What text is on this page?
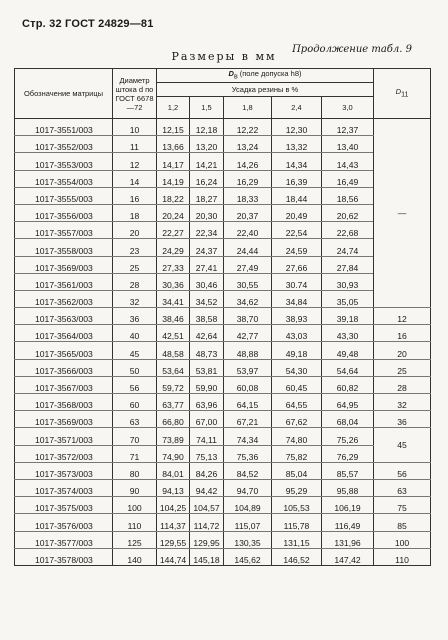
Стр. 32 ГОСТ 24829—81
Размеры в мм
Продолжение табл. 9
Обозначение матрицы	Диаметр штока d по ГОСТ 6678—72	Dв (поле допуска h8)					D11
		Усадка резины в %					
		1,2	1,5	1,8	2,4	3,0	
1017-3551/003	10	12,15	12,18	12,22	12,30	12,37	—
1017-3552/003	11	13,66	13,20	13,24	13,32	13,40	
1017-3553/003	12	14,17	14,21	14,26	14,34	14,43	
1017-3554/003	14	14,19	16,24	16,29	16,39	16,49	
1017-3555/003	16	18,22	18,27	18,33	18,44	18,56	
1017-3556/003	18	20,24	20,30	20,37	20,49	20,62	
1017-3557/003	20	22,27	22,34	22,40	22,54	22,68	
1017-3558/003	23	24,29	24,37	24,44	24,59	24,74	
1017-3569/003	25	27,33	27,41	27,49	27,66	27,84	
1017-3561/003	28	30,36	30,46	30,55	30.74	30,93	
1017-3562/003	32	34,41	34,52	34,62	34,84	35,05	
1017-3563/003	36	38,46	38,58	38,70	38,93	39,18	12
1017-3564/003	40	42,51	42,64	42,77	43,03	43,30	16
1017-3565/003	45	48,58	48,73	48,88	49,18	49,48	20
1017-3566/003	50	53,64	53,81	53,97	54,30	54,64	25
1017-3567/003	56	59,72	59,90	60,08	60,45	60,82	28
1017-3568/003	60	63,77	63,96	64,15	64,55	64,95	32
1017-3569/003	63	66,80	67,00	67,21	67,62	68,04	36
1017-3571/003	70	73,89	74,11	74,34	74,80	75,26	45
1017-3572/003	71	74,90	75,13	75,36	75,82	76,29	
1017-3573/003	80	84,01	84,26	84,52	85,04	85,57	56
1017-3574/003	90	94,13	94,42	94,70	95,29	95,88	63
1017-3575/003	100	104,25	104,57	104,89	105,53	106,19	75
1017-3576/003	110	114,37	114,72	115,07	115,78	116,49	85
1017-3577/003	125	129,55	129,95	130,35	131,15	131,96	100
1017-3578/003	140	144,74	145,18	145,62	146,52	147,42	110
